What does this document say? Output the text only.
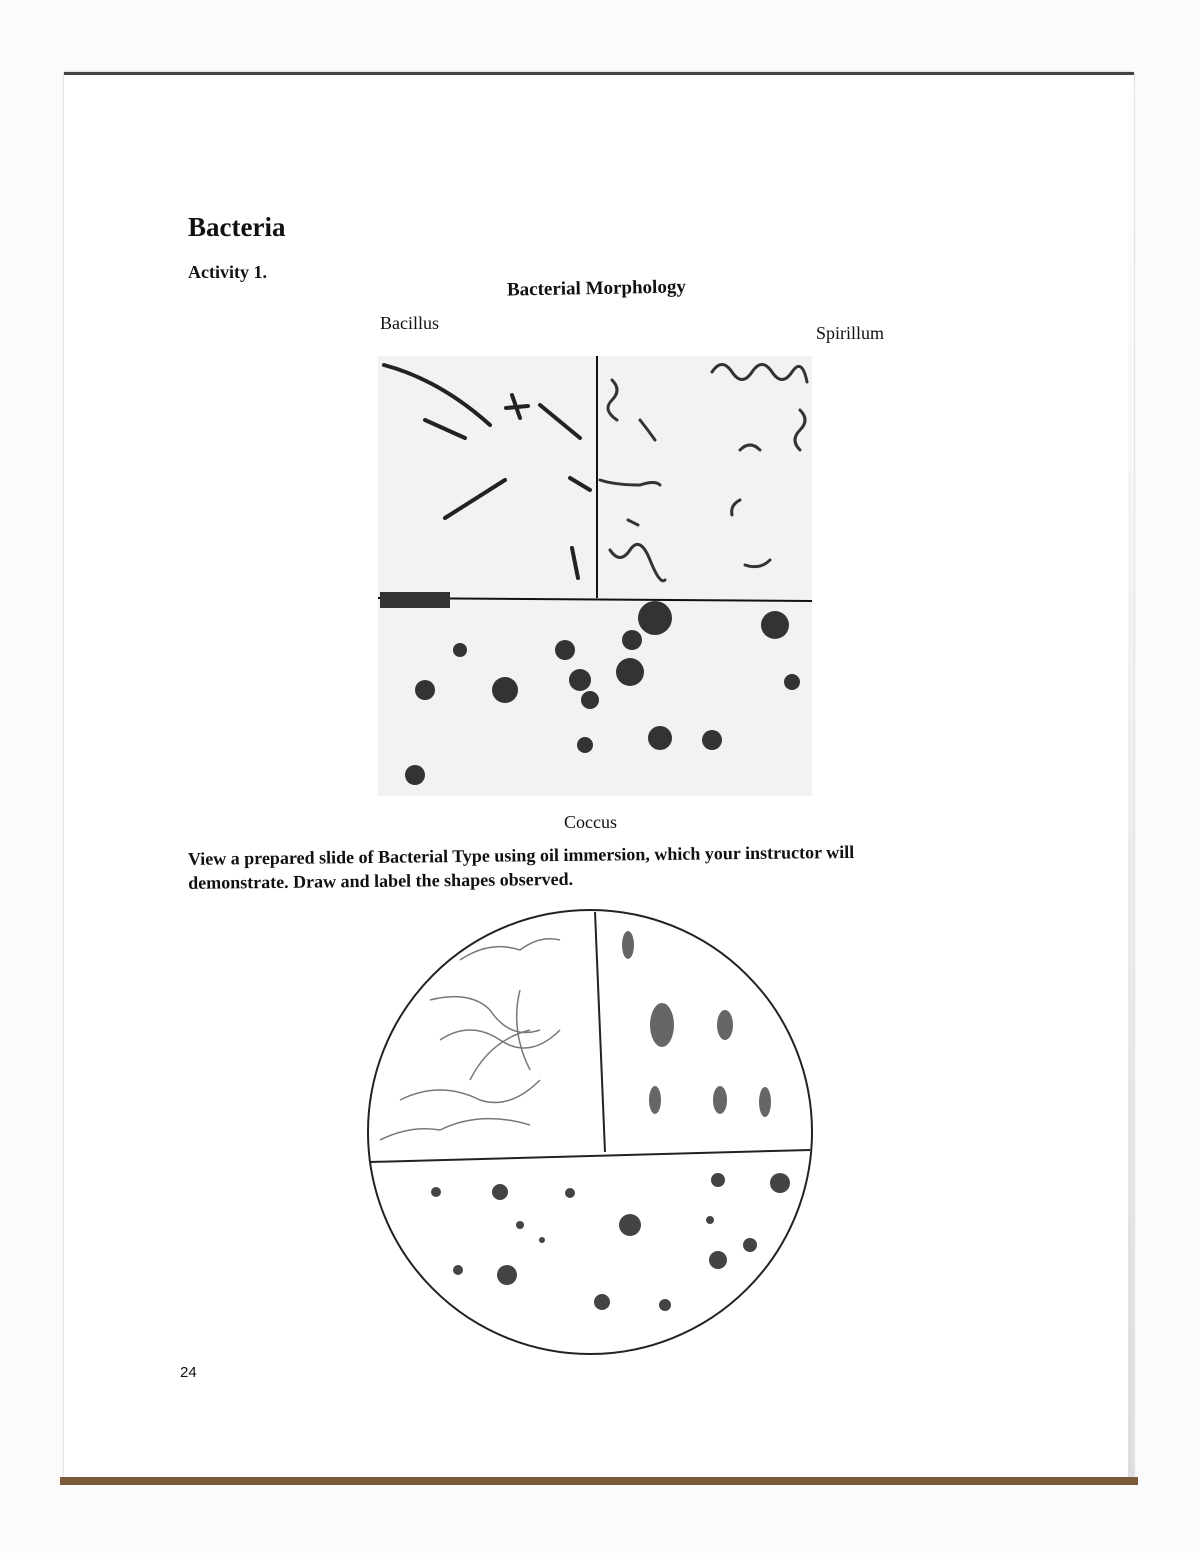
Bacteria
Activity 1.
Bacterial Morphology
Bacillus	Spirillum
Coccus
View a prepared slide of Bacterial Type using oil immersion, which your instructor will demonstrate. Draw and label the shapes observed.
24
